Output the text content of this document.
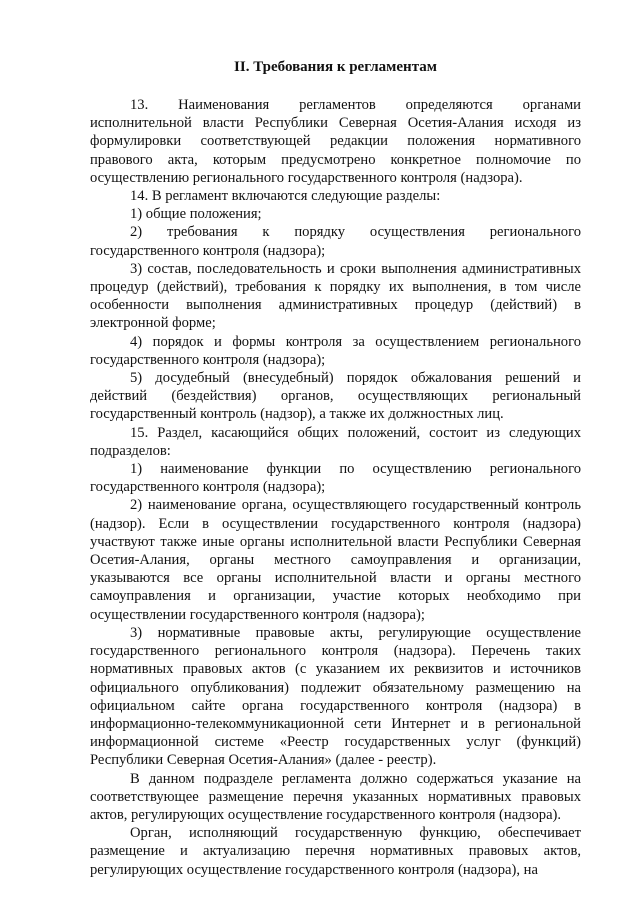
II. Требования к регламентам

13. Наименования регламентов определяются органами исполнительной власти Республики Северная Осетия-Алания исходя из формулировки соответствующей редакции положения нормативного правового акта, которым предусмотрено конкретное полномочие по осуществлению регионального государственного контроля (надзора).

14. В регламент включаются следующие разделы:

1) общие положения;

2) требования к порядку осуществления регионального государственного контроля (надзора);

3) состав, последовательность и сроки выполнения административных процедур (действий), требования к порядку их выполнения, в том числе особенности выполнения административных процедур (действий) в электронной форме;

4) порядок и формы контроля за осуществлением регионального государственного контроля (надзора);

5) досудебный (внесудебный) порядок обжалования решений и действий (бездействия) органов, осуществляющих региональный государственный контроль (надзор), а также их должностных лиц.

15. Раздел, касающийся общих положений, состоит из следующих подразделов:

1) наименование функции по осуществлению регионального государственного контроля (надзора);

2) наименование органа, осуществляющего государственный контроль (надзор). Если в осуществлении государственного контроля (надзора) участвуют также иные органы исполнительной власти Республики Северная Осетия-Алания, органы местного самоуправления и организации, указываются все органы исполнительной власти и органы местного самоуправления и организации, участие которых необходимо при осуществлении государственного контроля (надзора);

3) нормативные правовые акты, регулирующие осуществление государственного регионального контроля (надзора). Перечень таких нормативных правовых актов (с указанием их реквизитов и источников официального опубликования) подлежит обязательному размещению на официальном сайте органа государственного контроля (надзора) в информационно-телекоммуникационной сети Интернет и в региональной информационной системе «Реестр государственных услуг (функций) Республики Северная Осетия-Алания» (далее - реестр).

В данном подразделе регламента должно содержаться указание на соответствующее размещение перечня указанных нормативных правовых актов, регулирующих осуществление государственного контроля (надзора).

Орган, исполняющий государственную функцию, обеспечивает размещение и актуализацию перечня нормативных правовых актов, регулирующих осуществление государственного контроля (надзора), на
